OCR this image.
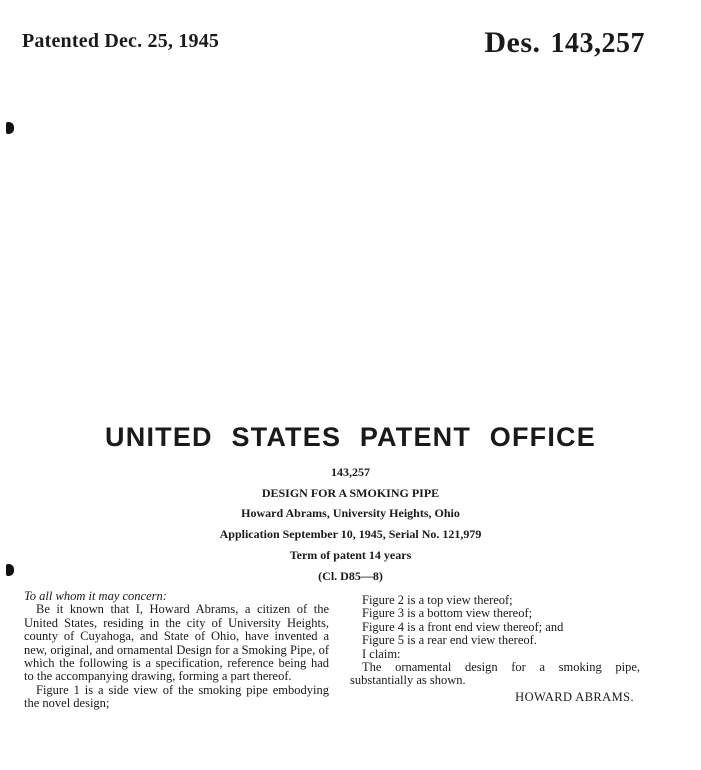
Patented Dec. 25, 1945	Des. 143,257
UNITED STATES PATENT OFFICE
143,257
DESIGN FOR A SMOKING PIPE
Howard Abrams, University Heights, Ohio
Application September 10, 1945, Serial No. 121,979
Term of patent 14 years
(Cl. D85—8)

To all whom it may concern:

Be it known that I, Howard Abrams, a citizen of the United States, residing in the city of University Heights, county of Cuyahoga, and State of Ohio, have invented a new, original, and ornamental Design for a Smoking Pipe, of which the following is a specification, reference being had to the accompanying drawing, forming a part thereof.

Figure 1 is a side view of the smoking pipe embodying the novel design;

Figure 2 is a top view thereof;

Figure 3 is a bottom view thereof;

Figure 4 is a front end view thereof; and

Figure 5 is a rear end view thereof.

I claim:

The ornamental design for a smoking pipe, substantially as shown.

HOWARD ABRAMS.
